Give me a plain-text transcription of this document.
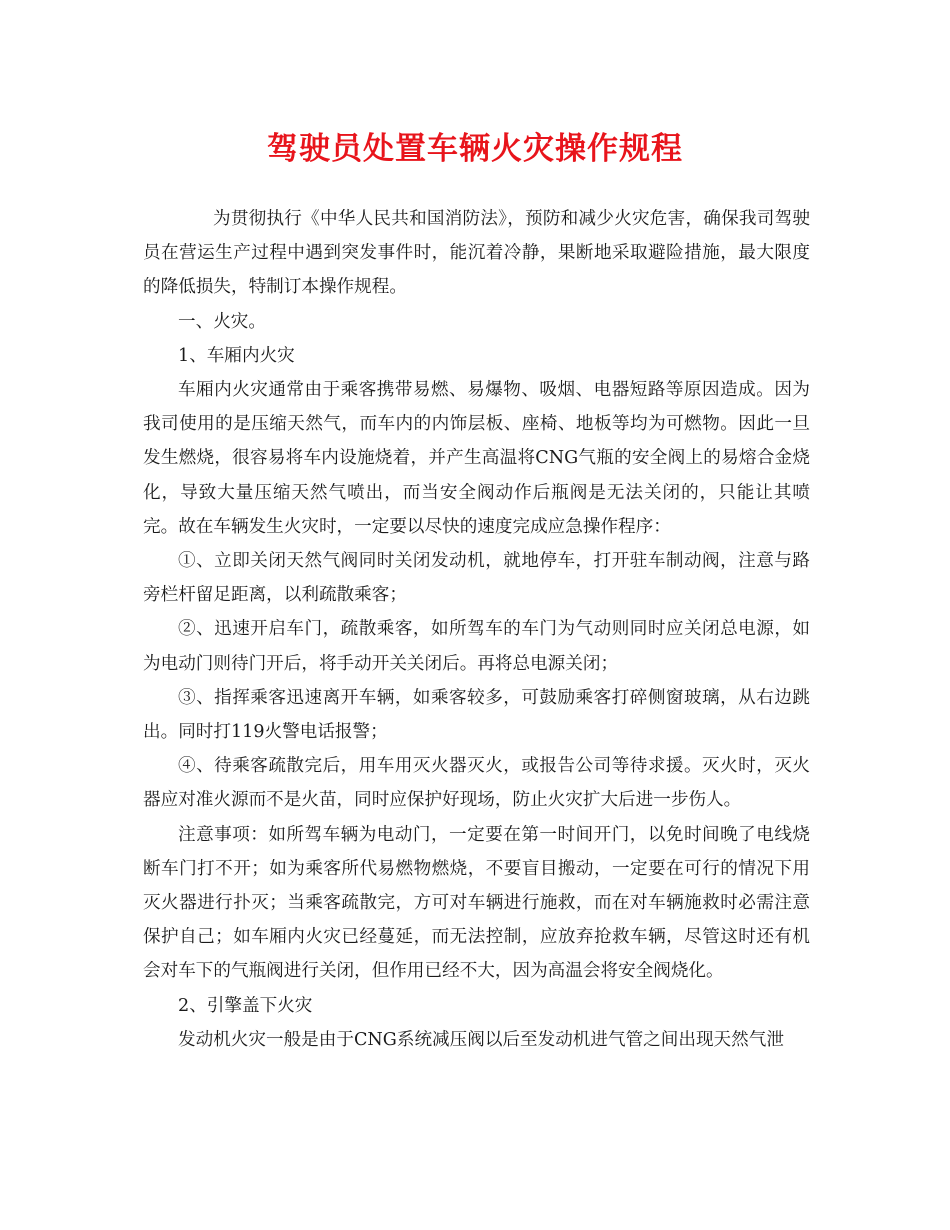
驾驶员处置车辆火灾操作规程

为贯彻执行《中华人民共和国消防法》，预防和减少火灾危害，确保我司驾驶员在营运生产过程中遇到突发事件时，能沉着冷静，果断地采取避险措施，最大限度的降低损失，特制订本操作规程。

一、火灾。

1、车厢内火灾

车厢内火灾通常由于乘客携带易燃、易爆物、吸烟、电器短路等原因造成。因为我司使用的是压缩天然气，而车内的内饰层板、座椅、地板等均为可燃物。因此一旦发生燃烧，很容易将车内设施烧着，并产生高温将CNG气瓶的安全阀上的易熔合金烧化，导致大量压缩天然气喷出，而当安全阀动作后瓶阀是无法关闭的，只能让其喷完。故在车辆发生火灾时，一定要以尽快的速度完成应急操作程序：

①、立即关闭天然气阀同时关闭发动机，就地停车，打开驻车制动阀，注意与路旁栏杆留足距离，以利疏散乘客；

②、迅速开启车门，疏散乘客，如所驾车的车门为气动则同时应关闭总电源，如为电动门则待门开后，将手动开关关闭后。再将总电源关闭；

③、指挥乘客迅速离开车辆，如乘客较多，可鼓励乘客打碎侧窗玻璃，从右边跳出。同时打119火警电话报警；

④、待乘客疏散完后，用车用灭火器灭火，或报告公司等待求援。灭火时，灭火器应对准火源而不是火苗，同时应保护好现场，防止火灾扩大后进一步伤人。

注意事项：如所驾车辆为电动门，一定要在第一时间开门，以免时间晚了电线烧断车门打不开；如为乘客所代易燃物燃烧，不要盲目搬动，一定要在可行的情况下用灭火器进行扑灭；当乘客疏散完，方可对车辆进行施救，而在对车辆施救时必需注意保护自己；如车厢内火灾已经蔓延，而无法控制，应放弃抢救车辆，尽管这时还有机会对车下的气瓶阀进行关闭，但作用已经不大，因为高温会将安全阀烧化。

2、引擎盖下火灾

发动机火灾一般是由于CNG系统减压阀以后至发动机进气管之间出现天然气泄
